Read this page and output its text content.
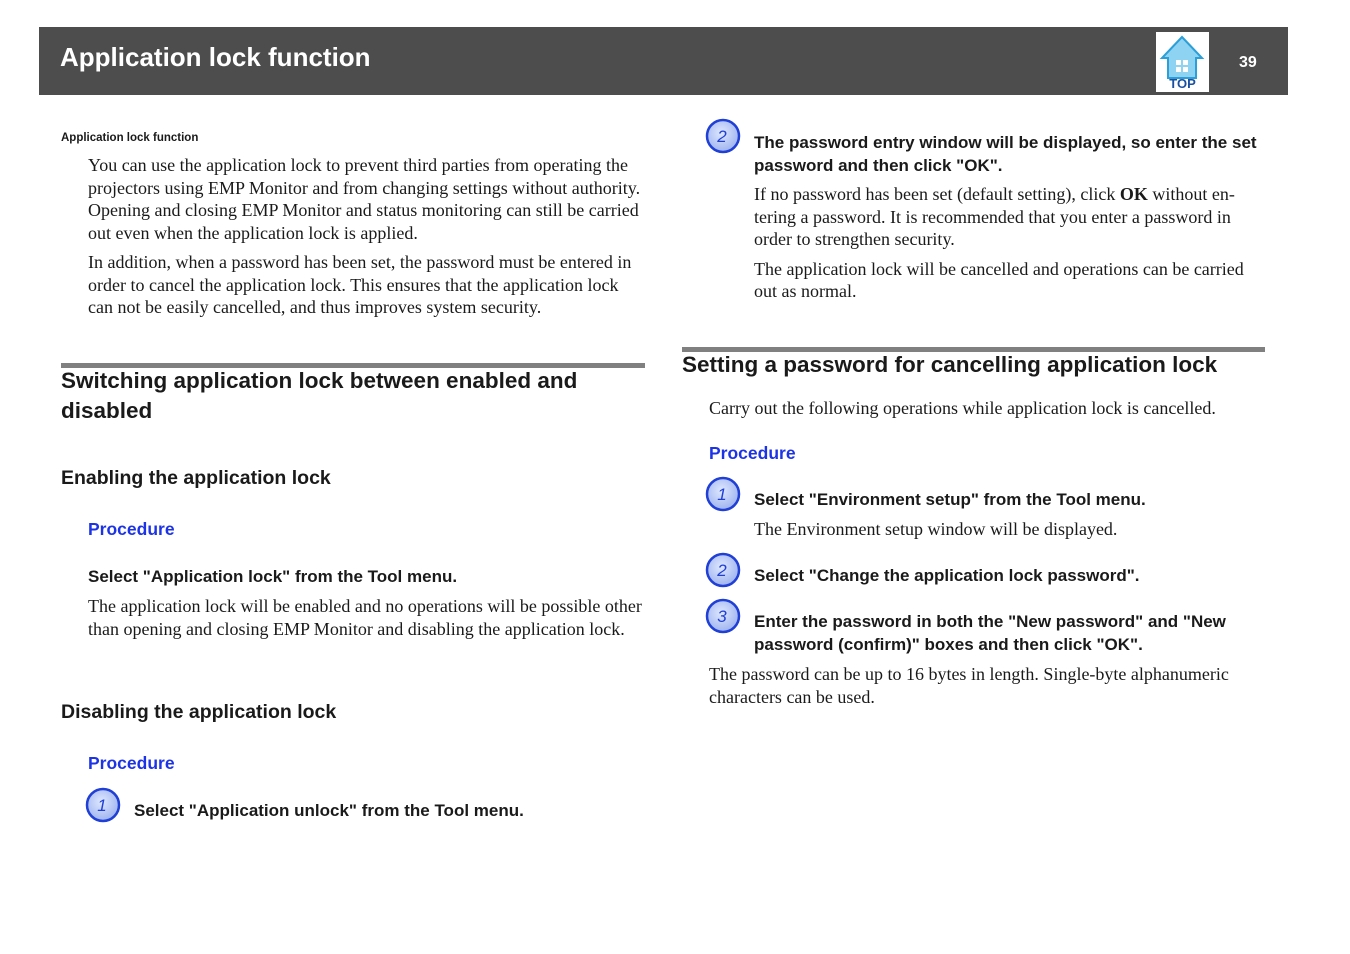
Application lock function
TOP
39
Application lock function

You can use the application lock to prevent third parties from operating the projectors using EMP Monitor and from changing settings without authority. Opening and closing EMP Monitor and status monitoring can still be carried out even when the application lock is applied.

In addition, when a password has been set, the password must be entered in order to cancel the application lock. This ensures that the application lock can not be easily cancelled, and thus improves system security.

Switching application lock between enabled and disabled

Enabling the application lock
Procedure
Select "Application lock" from the Tool menu.

The application lock will be enabled and no operations will be possible other than opening and closing EMP Monitor and disabling the application lock.

Disabling the application lock
Procedure
1 Select "Application unlock" from the Tool menu.
2 The password entry window will be displayed, so enter the set password and then click "OK".

If no password has been set (default setting), click OK without en-tering a password. It is recommended that you enter a password in order to strengthen security.

The application lock will be cancelled and operations can be carried out as normal.

Setting a password for cancelling application lock

Carry out the following operations while application lock is cancelled.

Procedure
1 Select "Environment setup" from the Tool menu.

The Environment setup window will be displayed.

2 Select "Change the application lock password".
3 Enter the password in both the "New password" and "New password (confirm)" boxes and then click "OK".

The password can be up to 16 bytes in length. Single-byte alphanumeric characters can be used.
